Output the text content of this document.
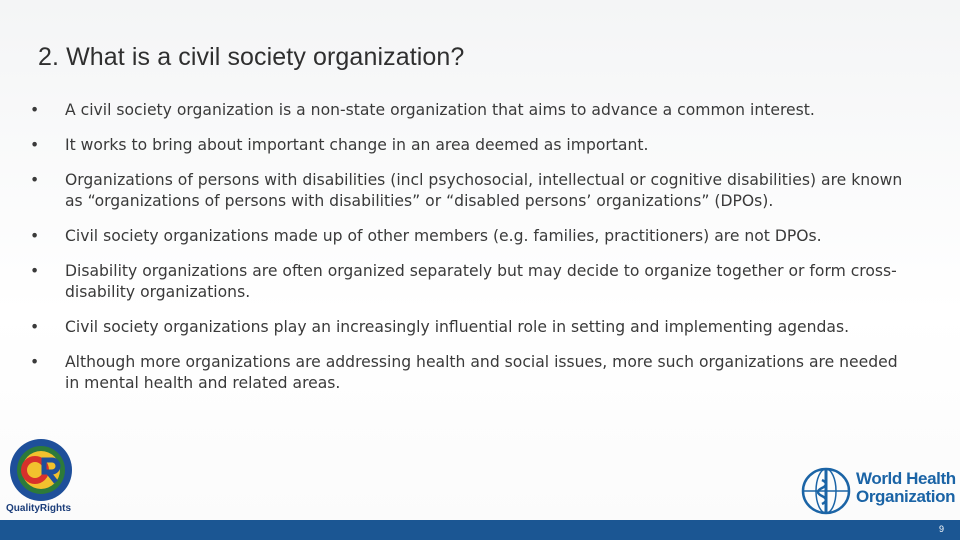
2. What is a civil society organization?
•	A civil society organization is a non-state organization that aims to advance a common interest.
•	It works to bring about important change in an area deemed as important.
•	Organizations of persons with disabilities (incl psychosocial, intellectual or cognitive disabilities) are known as “organizations of persons with disabilities” or “disabled persons’ organizations” (DPOs).
•	Civil society organizations made up of other members (e.g. families, practitioners) are not DPOs.
•	Disability organizations are often organized separately but may decide to organize together or form cross-disability organizations.
•	Civil society organizations play an increasingly influential role in setting and implementing agendas.
•	Although more organizations are addressing health and social issues, more such organizations are needed in mental health and related areas.
QualityRights
World Health
Organization
9
